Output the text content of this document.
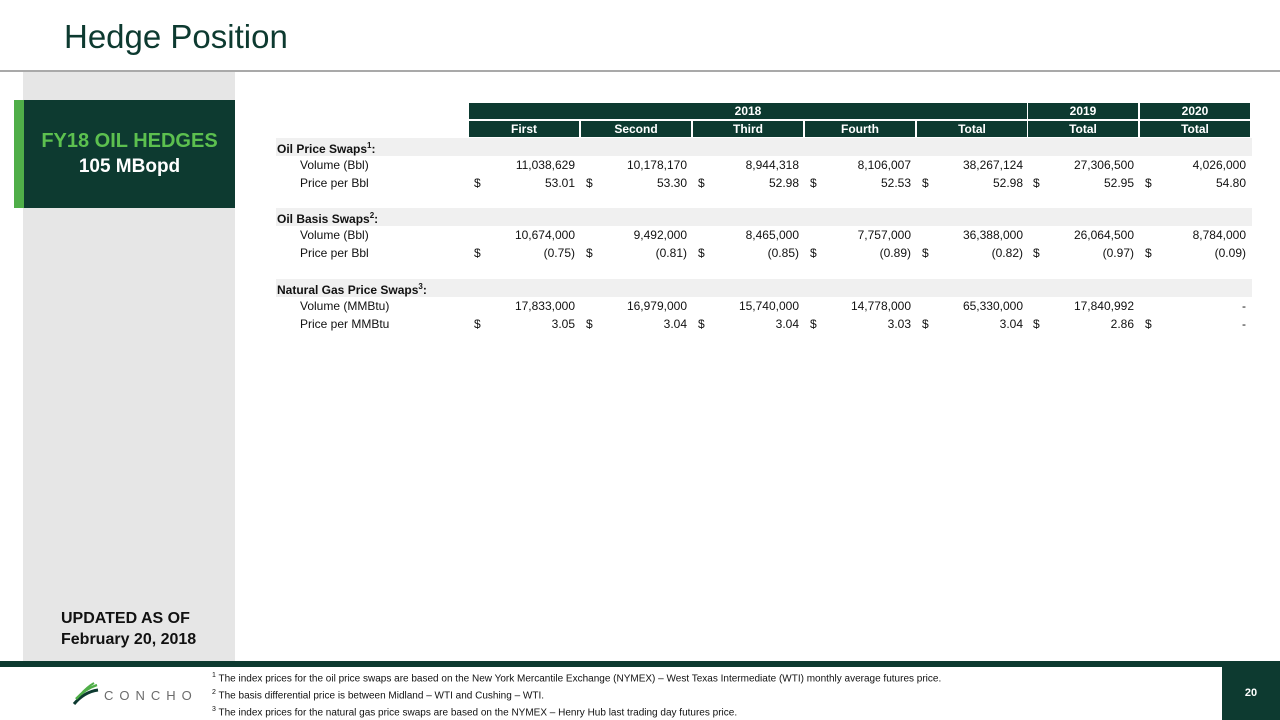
Hedge Position
FY18 OIL HEDGES
105 MBopd
UPDATED AS OF
February 20, 2018
2018	2019	2020
First	Second	Third	Fourth	Total	Total	Total
Oil Price Swaps$^1$:
Volume (Bbl)	11,038,629	10,178,170	8,944,318	8,106,007	38,267,124	27,306,500	4,026,000
Price per Bbl	$	53.01 $	53.30 $	52.98 $	52.53 $	52.98 $	52.95 $	54.80
Oil Basis Swaps$^2$:
Volume (Bbl)	10,674,000	9,492,000	8,465,000	7,757,000	36,388,000	26,064,500	8,784,000
Price per Bbl	$	(0.75) $	(0.81) $	(0.85) $	(0.89) $	(0.82) $	(0.97) $	(0.09)
Natural Gas Price Swaps$^3$:
Volume (MMBtu)	17,833,000	16,979,000	15,740,000	14,778,000	65,330,000	17,840,992	-
Price per MMBtu	$	3.05 $	3.04 $	3.04 $	3.03 $	3.04 $	2.86 $	-
20
CONCHO
$^1$ The index prices for the oil price swaps are based on the New York Mercantile Exchange (NYMEX) – West Texas Intermediate (WTI) monthly average futures price.
$^2$ The basis differential price is between Midland – WTI and Cushing – WTI.
$^3$ The index prices for the natural gas price swaps are based on the NYMEX – Henry Hub last trading day futures price.
